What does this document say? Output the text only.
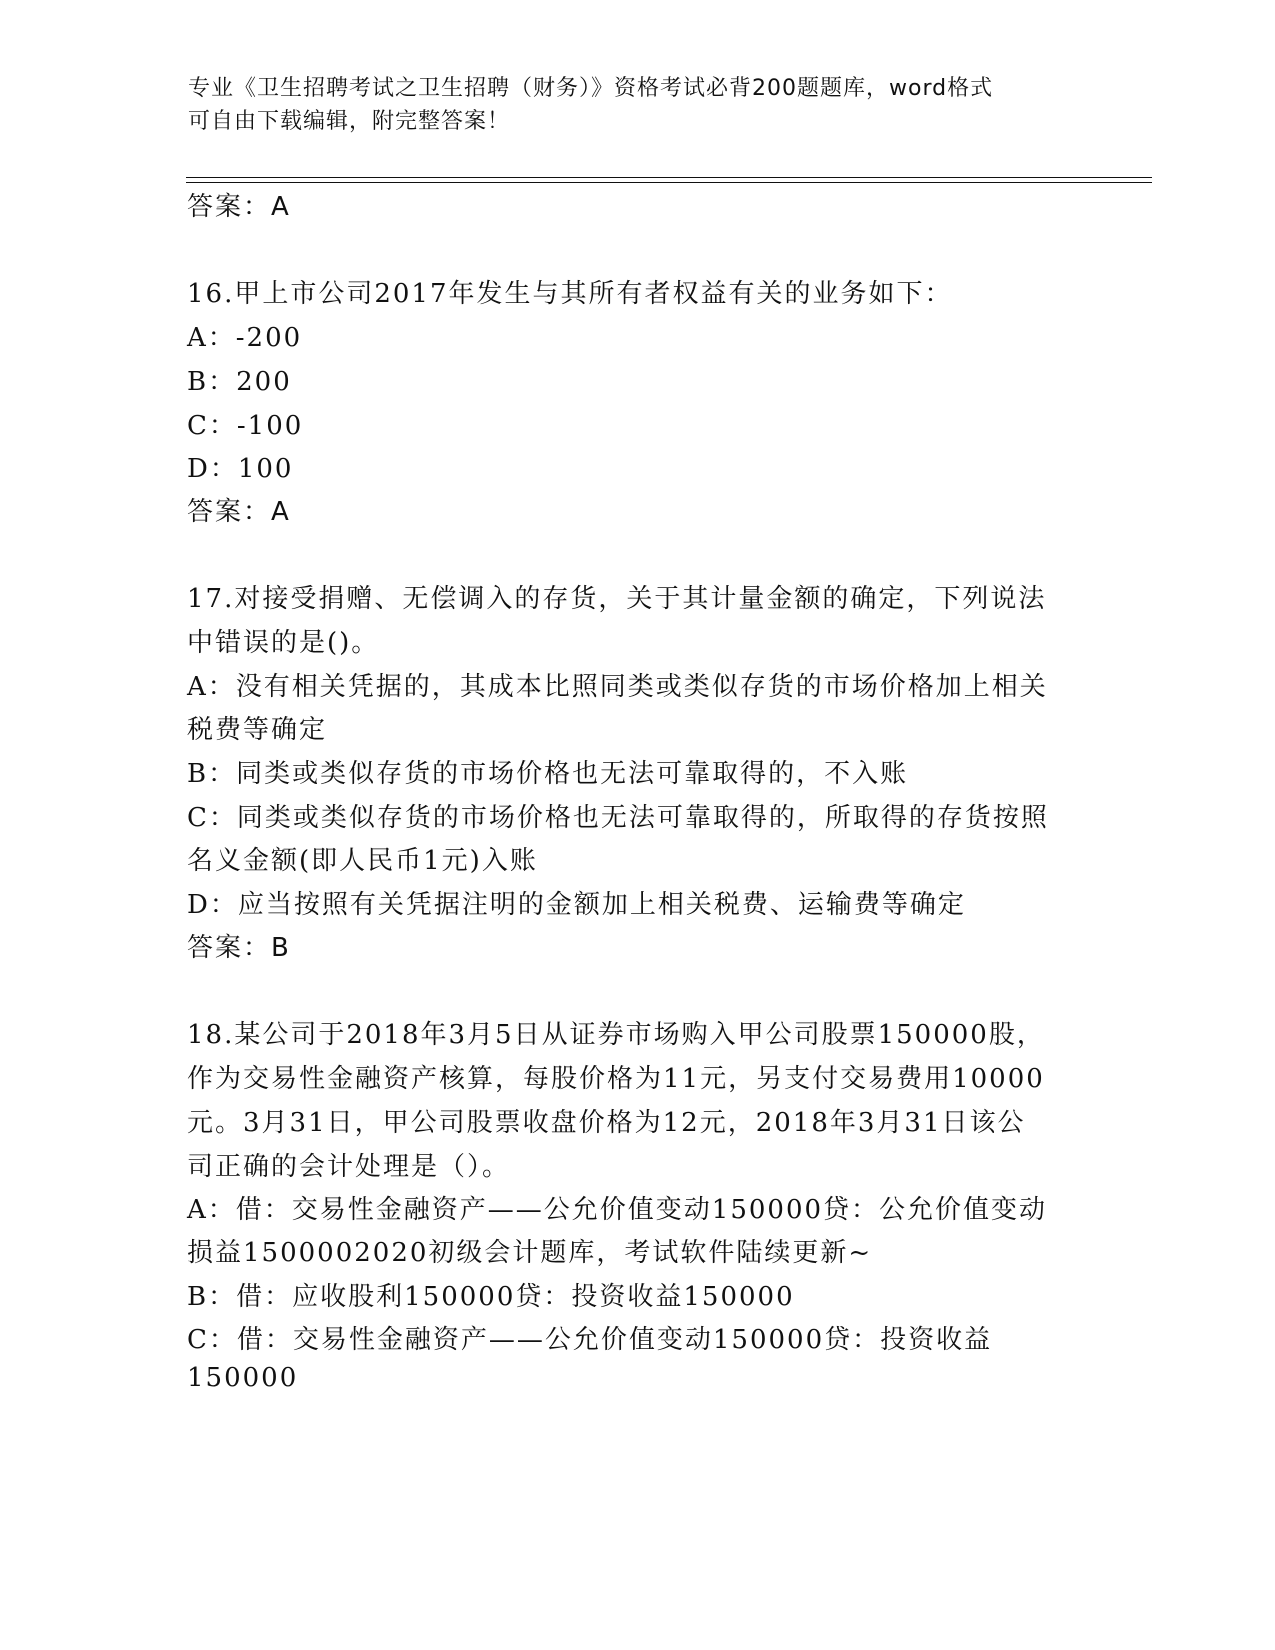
专业《卫生招聘考试之卫生招聘（财务）》资格考试必背200题题库，word格式
可自由下载编辑，附完整答案！
答案：A
16.甲上市公司2017年发生与其所有者权益有关的业务如下：
A：-200
B：200
C：-100
D：100
答案：A
17.对接受捐赠、无偿调入的存货，关于其计量金额的确定，下列说法
中错误的是()。
A：没有相关凭据的，其成本比照同类或类似存货的市场价格加上相关
税费等确定
B：同类或类似存货的市场价格也无法可靠取得的，不入账
C：同类或类似存货的市场价格也无法可靠取得的，所取得的存货按照
名义金额(即人民币1元)入账
D：应当按照有关凭据注明的金额加上相关税费、运输费等确定
答案：B
18.某公司于2018年3月5日从证券市场购入甲公司股票150000股，
作为交易性金融资产核算，每股价格为11元，另支付交易费用10000
元。3月31日，甲公司股票收盘价格为12元，2018年3月31日该公
司正确的会计处理是（）。
A：借：交易性金融资产——公允价值变动150000贷：公允价值变动
损益1500002020初级会计题库，考试软件陆续更新~
B：借：应收股利150000贷：投资收益150000
C：借：交易性金融资产——公允价值变动150000贷：投资收益
150000
